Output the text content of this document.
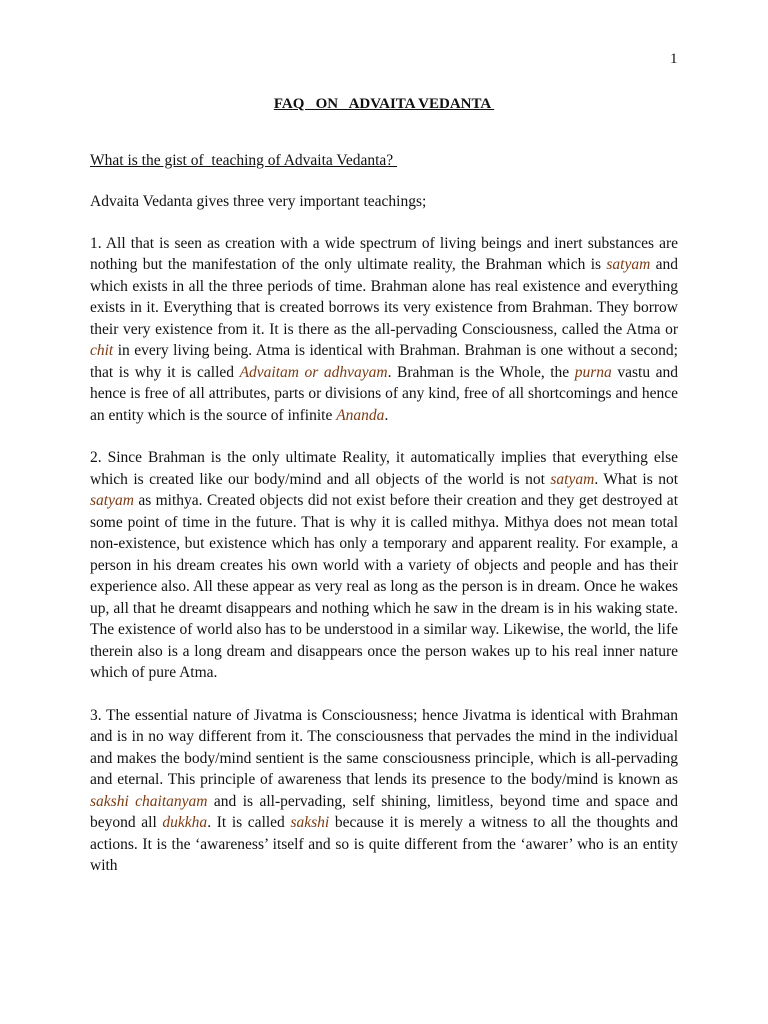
1
FAQ   ON   ADVAITA VEDANTA
What is the gist of  teaching of Advaita Vedanta?
Advaita Vedanta gives three very important teachings;

1. All that is seen as creation with a wide spectrum of living beings and inert substances are nothing but the manifestation of the only ultimate reality, the Brahman which is satyam and which exists in all the three periods of time. Brahman alone has real existence and everything exists in it. Everything that is created borrows its very existence from Brahman. They borrow their very existence from it. It is there as the all-pervading Consciousness, called the Atma or chit in every living being. Atma is identical with Brahman. Brahman is one without a second; that is why it is called Advaitam or adhvayam. Brahman is the Whole, the purna vastu and hence is free of all attributes, parts or divisions of any kind, free of all shortcomings and hence an entity which is the source of infinite Ananda.

2. Since Brahman is the only ultimate Reality, it automatically implies that everything else which is created like our body/mind and all objects of the world is not satyam. What is not satyam as mithya. Created objects did not exist before their creation and they get destroyed at some point of time in the future. That is why it is called mithya. Mithya does not mean total non-existence, but existence which has only a temporary and apparent reality. For example, a person in his dream creates his own world with a variety of objects and people and has their experience also. All these appear as very real as long as the person is in dream. Once he wakes up, all that he dreamt disappears and nothing which he saw in the dream is in his waking state. The existence of world also has to be understood in a similar way. Likewise, the world, the life therein also is a long dream and disappears once the person wakes up to his real inner nature which of pure Atma.

3. The essential nature of Jivatma is Consciousness; hence Jivatma is identical with Brahman and is in no way different from it. The consciousness that pervades the mind in the individual and makes the body/mind sentient is the same consciousness principle, which is all-pervading and eternal. This principle of awareness that lends its presence to the body/mind is known as sakshi chaitanyam and is all-pervading, self shining, limitless, beyond time and space and beyond all dukkha. It is called sakshi because it is merely a witness to all the thoughts and actions. It is the ‘awareness’ itself and so is quite different from the ‘awarer’ who is an entity with
